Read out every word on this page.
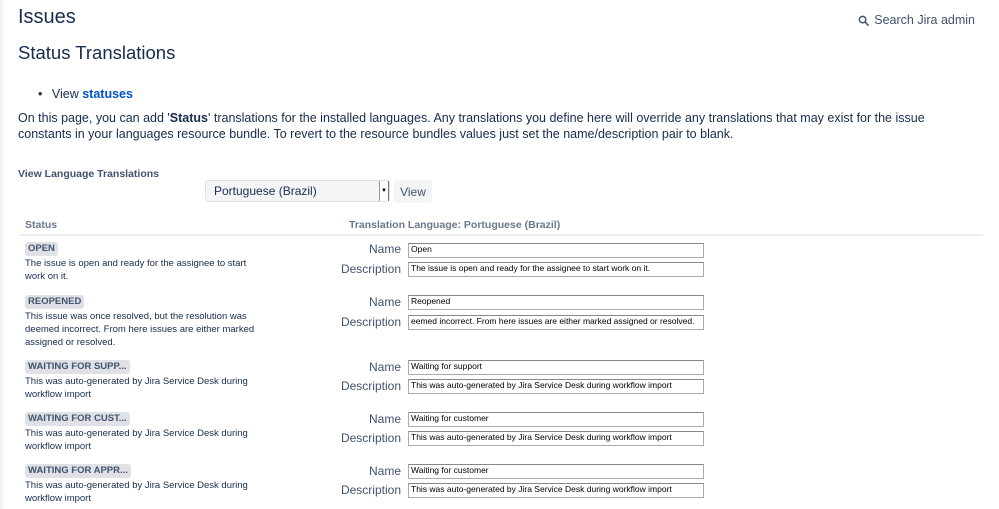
Issues	Search Jira admin
Status Translations
• View statuses

On this page, you can add 'Status' translations for the installed languages. Any translations you define here will override any translations that may exist for the issue constants in your languages resource bundle. To revert to the resource bundles values just set the name/description pair to blank.

View Language Translations
Portuguese (Brazil)	▼	View
Status	Translation Language: Portuguese (Brazil)
OPEN
The issue is open and ready for the assignee to start work on it.
Name	Open
Description	The issue is open and ready for the assignee to start work on it.
REOPENED
This issue was once resolved, but the resolution was deemed incorrect. From here issues are either marked assigned or resolved.
Name	Reopened
Description	eemed incorrect. From here issues are either marked assigned or resolved.
WAITING FOR SUPP...
This was auto-generated by Jira Service Desk during workflow import
Name	Waiting for support
Description	This was auto-generated by Jira Service Desk during workflow import
WAITING FOR CUST...
This was auto-generated by Jira Service Desk during workflow import
Name	Waiting for customer
Description	This was auto-generated by Jira Service Desk during workflow import
WAITING FOR APPR...
This was auto-generated by Jira Service Desk during workflow import
Name	Waiting for customer
Description	This was auto-generated by Jira Service Desk during workflow import
